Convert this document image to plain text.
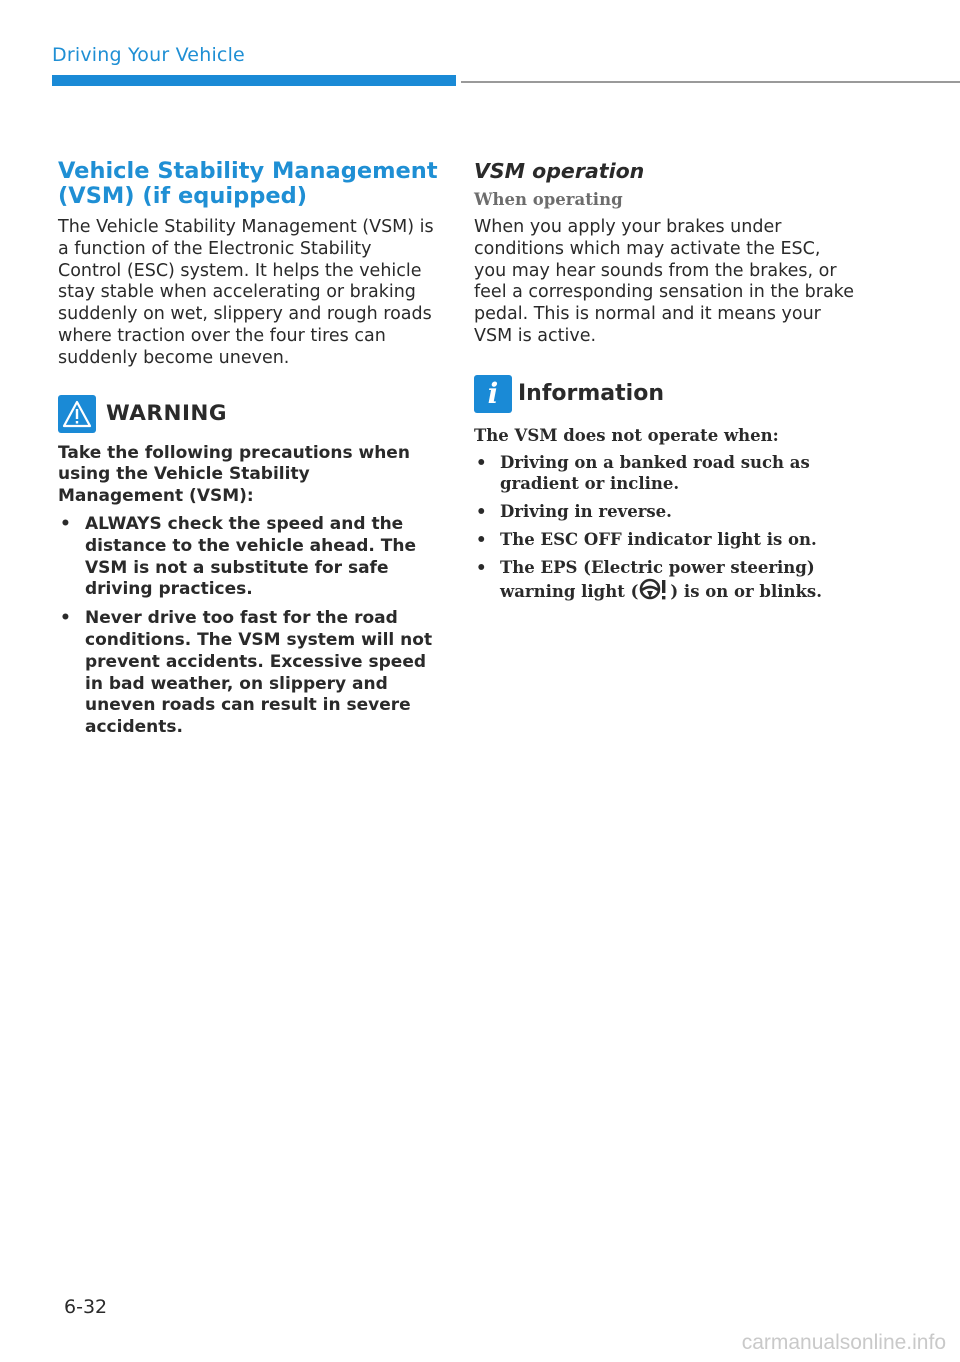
Driving Your Vehicle
Vehicle Stability Management
(VSM) (if equipped)

The Vehicle Stability Management (VSM) is a function of the Electronic Stability Control (ESC) system. It helps the vehicle stay stable when accelerating or braking suddenly on wet, slippery and rough roads where traction over the four tires can suddenly become uneven.

WARNING

Take the following precautions when using the Vehicle Stability Management (VSM):

• ALWAYS check the speed and the distance to the vehicle ahead. The VSM is not a substitute for safe driving practices.
• Never drive too fast for the road conditions. The VSM system will not prevent accidents. Excessive speed in bad weather, on slippery and uneven roads can result in severe accidents.
VSM operation

When operating

When you apply your brakes under conditions which may activate the ESC, you may hear sounds from the brakes, or feel a corresponding sensation in the brake pedal. This is normal and it means your VSM is active.

i Information

The VSM does not operate when:

• Driving on a banked road such as gradient or incline.
• Driving in reverse.
• The ESC OFF indicator light is on.
• The EPS (Electric power steering) warning light ( ) is on or blinks.
6-32
carmanualsonline.info
